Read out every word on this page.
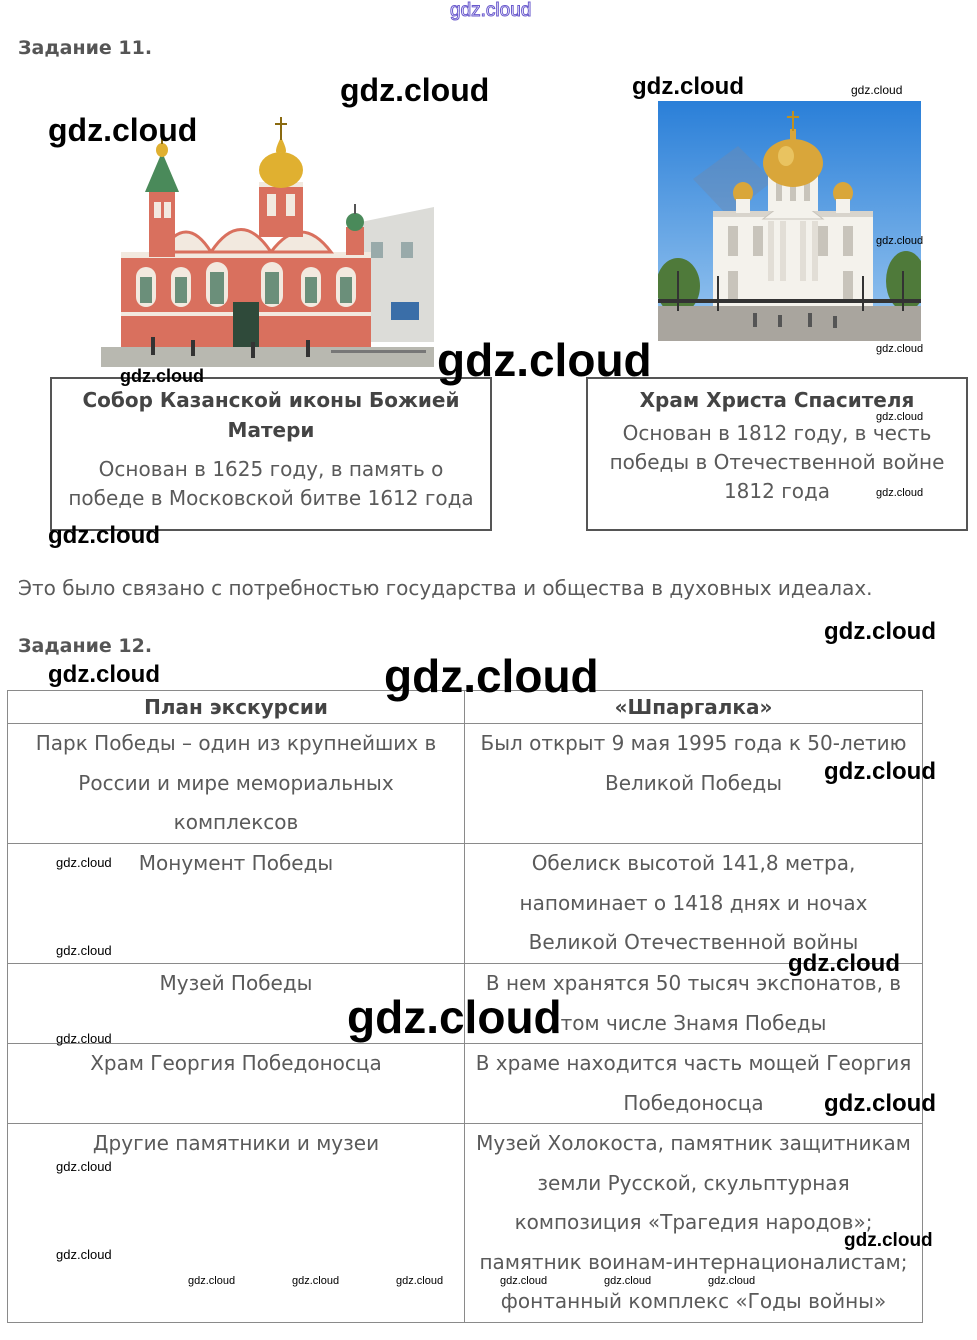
gdz.cloud
Задание 11.

Собор Казанской иконы Божией Матери

Основан в 1625 году, в память о победе в Московской битве 1612 года

Храм Христа Спасителя

Основан в 1812 году, в честь победы в Отечественной войне 1812 года

Это было связано с потребностью государства и общества в духовных идеалах.

Задание 12.
План экскурсии	«Шпаргалка»
Парк Победы – один из крупнейших в России и мире мемориальных комплексов	Был открыт 9 мая 1995 года к 50-летию Великой Победы
Монумент Победы	Обелиск высотой 141,8 метра, напоминает о 1418 днях и ночах Великой Отечественной войны
Музей Победы	В нем хранятся 50 тысяч экспонатов, в том числе Знамя Победы
Храм Георгия Победоносца	В храме находится часть мощей Георгия Победоносца
Другие памятники и музеи	Музей Холокоста, памятник защитникам земли Русской, скульптурная композиция «Трагедия народов»; памятник воинам-интернационалистам; фонтанный комплекс «Годы войны»
gdz.cloud
gdz.cloud
gdz.cloud
gdz.cloud
gdz.cloud
gdz.cloud
gdz.cloud
gdz.cloud	gdz.cloud
gdz.cloud
gdz.cloud
gdz.cloud
gdz.cloud
gdz.cloud
gdz.cloud
gdz.cloud
gdz.cloud
gdz.cloud
gdz.cloud
gdz.cloud
gdz.cloud
gdz.cloud
gdz.cloud
gdz.cloud
gdz.cloud	gdz.cloud	gdz.cloud	gdz.cloud	gdz.cloud	gdz.cloud
